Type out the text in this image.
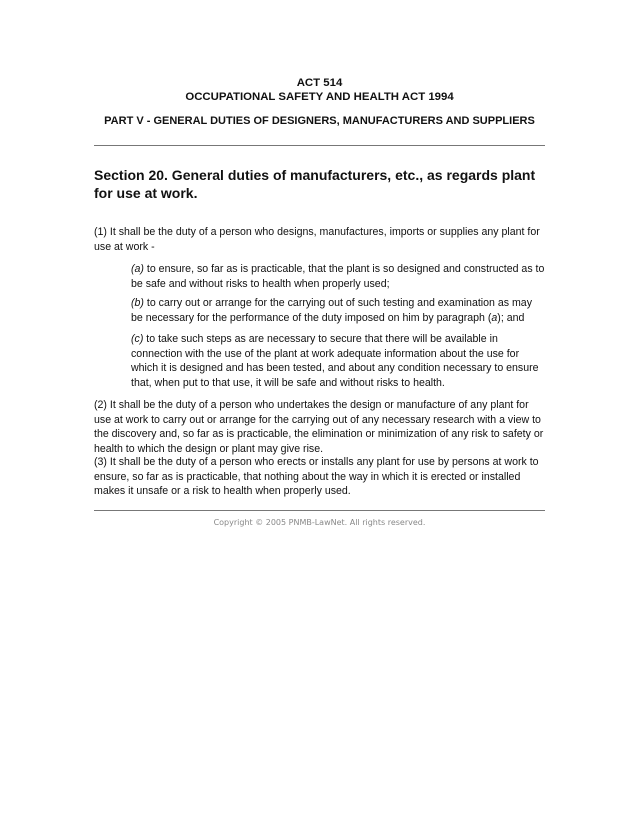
ACT 514
OCCUPATIONAL SAFETY AND HEALTH ACT 1994
PART V - GENERAL DUTIES OF DESIGNERS, MANUFACTURERS AND SUPPLIERS
Section 20. General duties of manufacturers, etc., as regards plant for use at work.
(1) It shall be the duty of a person who designs, manufactures, imports or supplies any plant for use at work -
(a) to ensure, so far as is practicable, that the plant is so designed and constructed as to be safe and without risks to health when properly used;
(b) to carry out or arrange for the carrying out of such testing and examination as may be necessary for the performance of the duty imposed on him by paragraph (a); and
(c) to take such steps as are necessary to secure that there will be available in connection with the use of the plant at work adequate information about the use for which it is designed and has been tested, and about any condition necessary to ensure that, when put to that use, it will be safe and without risks to health.
(2) It shall be the duty of a person who undertakes the design or manufacture of any plant for use at work to carry out or arrange for the carrying out of any necessary research with a view to the discovery and, so far as is practicable, the elimination or minimization of any risk to safety or health to which the design or plant may give rise.
(3) It shall be the duty of a person who erects or installs any plant for use by persons at work to ensure, so far as is practicable, that nothing about the way in which it is erected or installed makes it unsafe or a risk to health when properly used.
Copyright © 2005 PNMB-LawNet. All rights reserved.
